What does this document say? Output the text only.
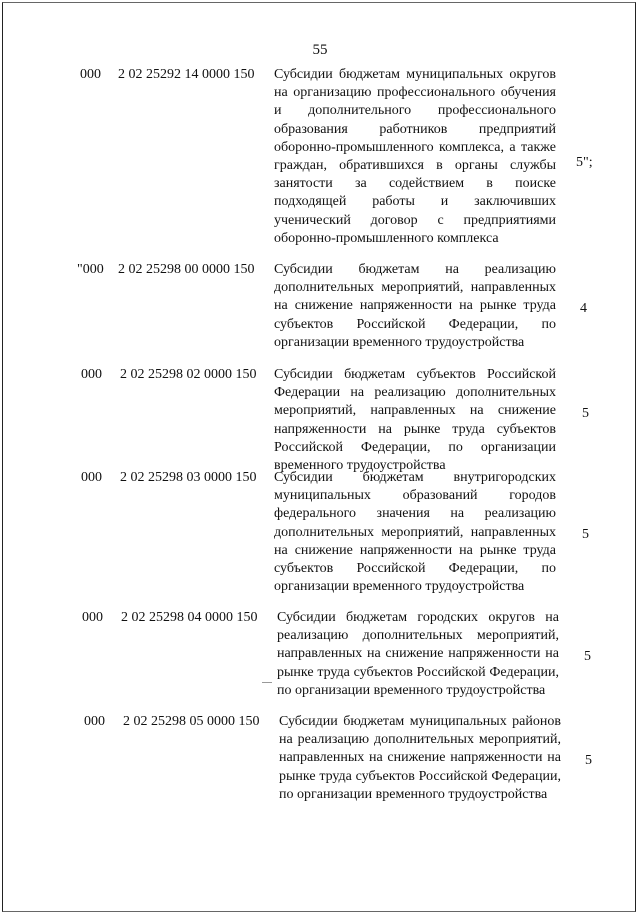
55
000 2 02 25292 14 0000 150 Субсидии бюджетам муниципальных округов на организацию профессионального обучения и дополнительного профессионального образования работников предприятий оборонно-промышленного комплекса, а также граждан, обратившихся в органы службы занятости за содействием в поиске подходящей работы и заключивших ученический договор с предприятиями оборонно-промышленного комплекса
5";
"000 2 02 25298 00 0000 150 Субсидии бюджетам на реализацию дополнительных мероприятий, направленных на снижение напряженности на рынке труда субъектов Российской Федерации, по организации временного трудоустройства
4
000 2 02 25298 02 0000 150 Субсидии бюджетам субъектов Российской Федерации на реализацию дополнительных мероприятий, направленных на снижение напряженности на рынке труда субъектов Российской Федерации, по организации временного трудоустройства
5
000 2 02 25298 03 0000 150 Субсидии бюджетам внутригородских муниципальных образований городов федерального значения на реализацию дополнительных мероприятий, направленных на снижение напряженности на рынке труда субъектов Российской Федерации, по организации временного трудоустройства
5
000 2 02 25298 04 0000 150 Субсидии бюджетам городских округов на реализацию дополнительных мероприятий, направленных на снижение напряженности на рынке труда субъектов Российской Федерации, по организации временного трудоустройства
5
000 2 02 25298 05 0000 150 Субсидии бюджетам муниципальных районов на реализацию дополнительных мероприятий, направленных на снижение напряженности на рынке труда субъектов Российской Федерации, по организации временного трудоустройства
5
